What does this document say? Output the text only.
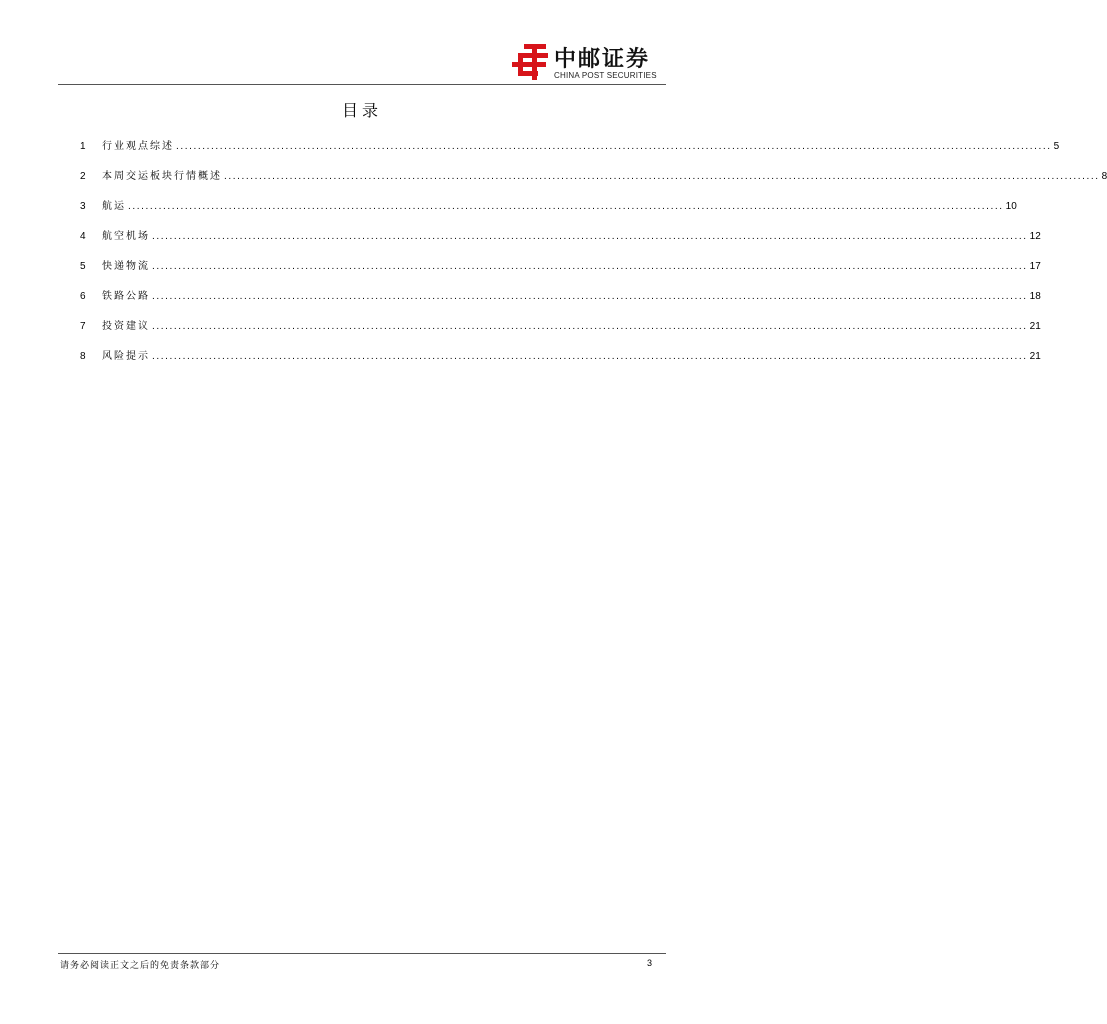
中邮证券
CHINA POST SECURITIES
目录
1	行业观点综述 ........................................................................................................................................................................................................ 5
2	本周交运板块行情概述 ........................................................................................................................................................................................................ 8
3	航运 ........................................................................................................................................................................................................ 10
4	航空机场 ........................................................................................................................................................................................................ 12
5	快递物流 ........................................................................................................................................................................................................ 17
6	铁路公路 ........................................................................................................................................................................................................ 18
7	投资建议 ........................................................................................................................................................................................................ 21
8	风险提示 ........................................................................................................................................................................................................ 21
请务必阅读正文之后的免责条款部分	3
